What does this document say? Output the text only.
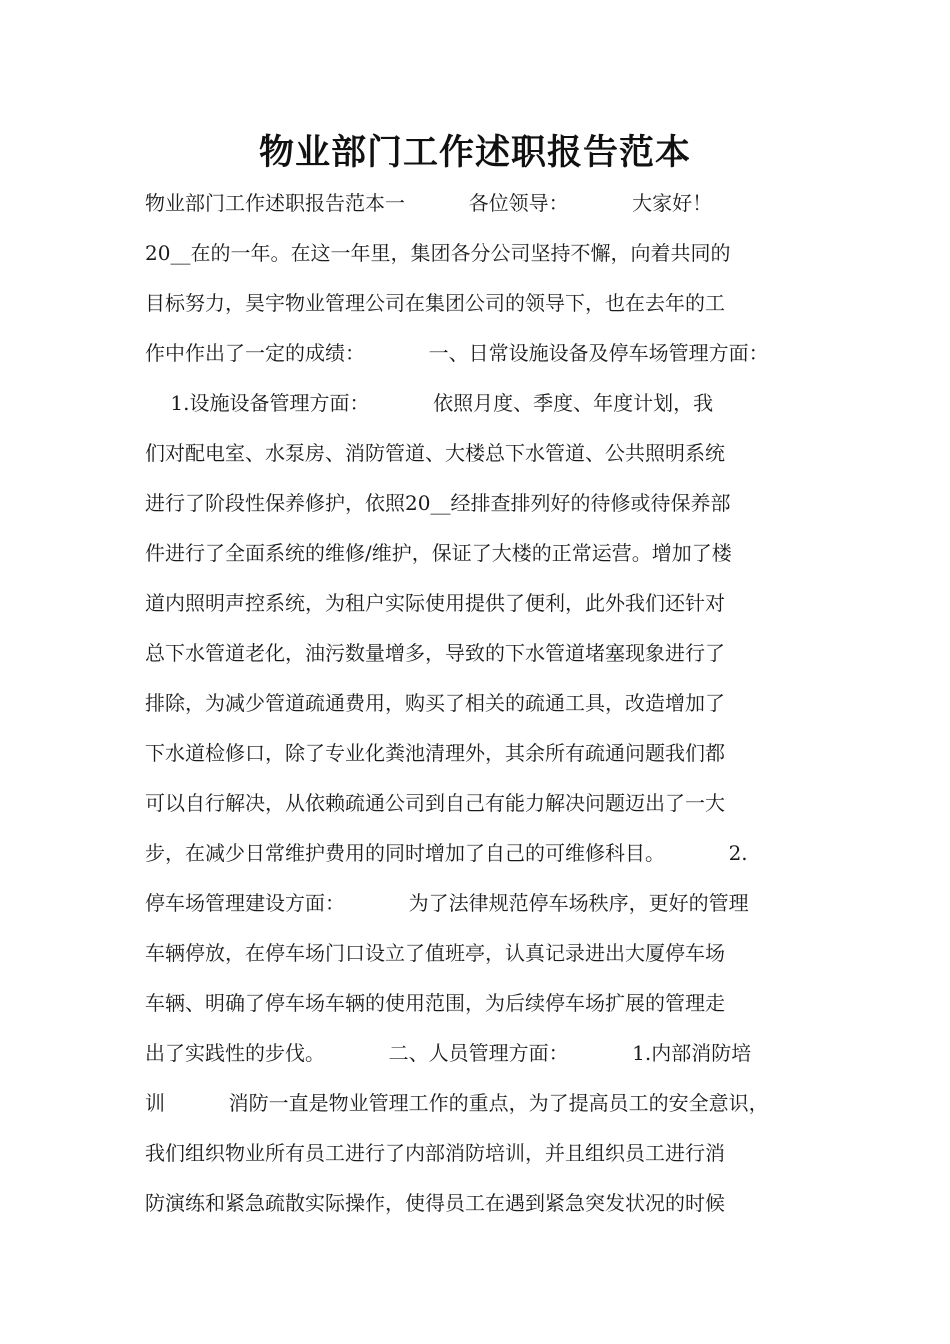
物业部门工作述职报告范本
物业部门工作述职报告范本一          各位领导：          大家好！
20__在的一年。在这一年里，集团各分公司坚持不懈，向着共同的
目标努力，昊宇物业管理公司在集团公司的领导下，也在去年的工
作中作出了一定的成绩：          一、日常设施设备及停车场管理方面：
1.设施设备管理方面：          依照月度、季度、年度计划，我
们对配电室、水泵房、消防管道、大楼总下水管道、公共照明系统
进行了阶段性保养修护，依照20__经排查排列好的待修或待保养部
件进行了全面系统的维修/维护，保证了大楼的正常运营。增加了楼
道内照明声控系统，为租户实际使用提供了便利，此外我们还针对
总下水管道老化，油污数量增多，导致的下水管道堵塞现象进行了
排除，为减少管道疏通费用，购买了相关的疏通工具，改造增加了
下水道检修口，除了专业化粪池清理外，其余所有疏通问题我们都
可以自行解决，从依赖疏通公司到自己有能力解决问题迈出了一大
步，在减少日常维护费用的同时增加了自己的可维修科目。          2.
停车场管理建设方面：          为了法律规范停车场秩序，更好的管理
车辆停放，在停车场门口设立了值班亭，认真记录进出大厦停车场
车辆、明确了停车场车辆的使用范围，为后续停车场扩展的管理走
出了实践性的步伐。          二、人员管理方面：          1.内部消防培
训          消防一直是物业管理工作的重点，为了提高员工的安全意识，
我们组织物业所有员工进行了内部消防培训，并且组织员工进行消
防演练和紧急疏散实际操作，使得员工在遇到紧急突发状况的时候
